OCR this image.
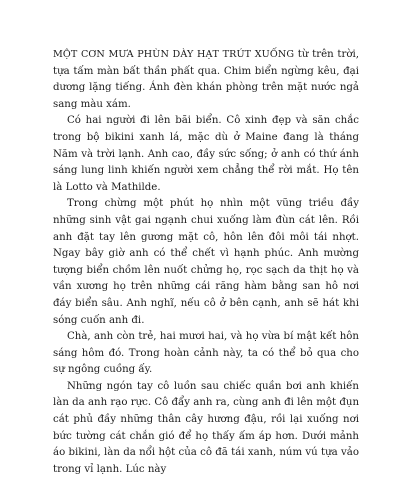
MỘT CƠN MƯA PHÙN DÀY HẠT TRÚT XUỐNG từ trên trời, tựa tấm màn bất thần phất qua. Chim biển ngừng kêu, đại dương lặng tiếng. Ánh đèn khán phòng trên mặt nước ngả sang màu xám.

Có hai người đi lên bãi biển. Cô xinh đẹp và săn chắc trong bộ bikini xanh lá, mặc dù ở Maine đang là tháng Năm và trời lạnh. Anh cao, đầy sức sống; ở anh có thứ ánh sáng lung linh khiến người xem chẳng thể rời mắt. Họ tên là Lotto và Mathilde.

Trong chừng một phút họ nhìn một vũng triều đầy những sinh vật gai ngạnh chui xuống làm đùn cát lên. Rồi anh đặt tay lên gương mặt cô, hôn lên đôi môi tái nhợt. Ngay bây giờ anh có thể chết vì hạnh phúc. Anh mường tượng biển chồm lên nuốt chửng họ, rọc sạch da thịt họ và vần xương họ trên những cái răng hàm bằng san hô nơi đáy biển sâu. Anh nghĩ, nếu cô ở bên cạnh, anh sẽ hát khi sóng cuốn anh đi.

Chà, anh còn trẻ, hai mươi hai, và họ vừa bí mật kết hôn sáng hôm đó. Trong hoàn cảnh này, ta có thể bỏ qua cho sự ngông cuồng ấy.

Những ngón tay cô luồn sau chiếc quần bơi anh khiến làn da anh rạo rực. Cô đẩy anh ra, cùng anh đi lên một đụn cát phủ đầy những thân cây hương đậu, rồi lại xuống nơi bức tường cát chắn gió để họ thấy ấm áp hơn. Dưới mảnh áo bikini, làn da nổi hột của cô đã tái xanh, núm vú tựa vảo trong vỉ lạnh. Lúc này
